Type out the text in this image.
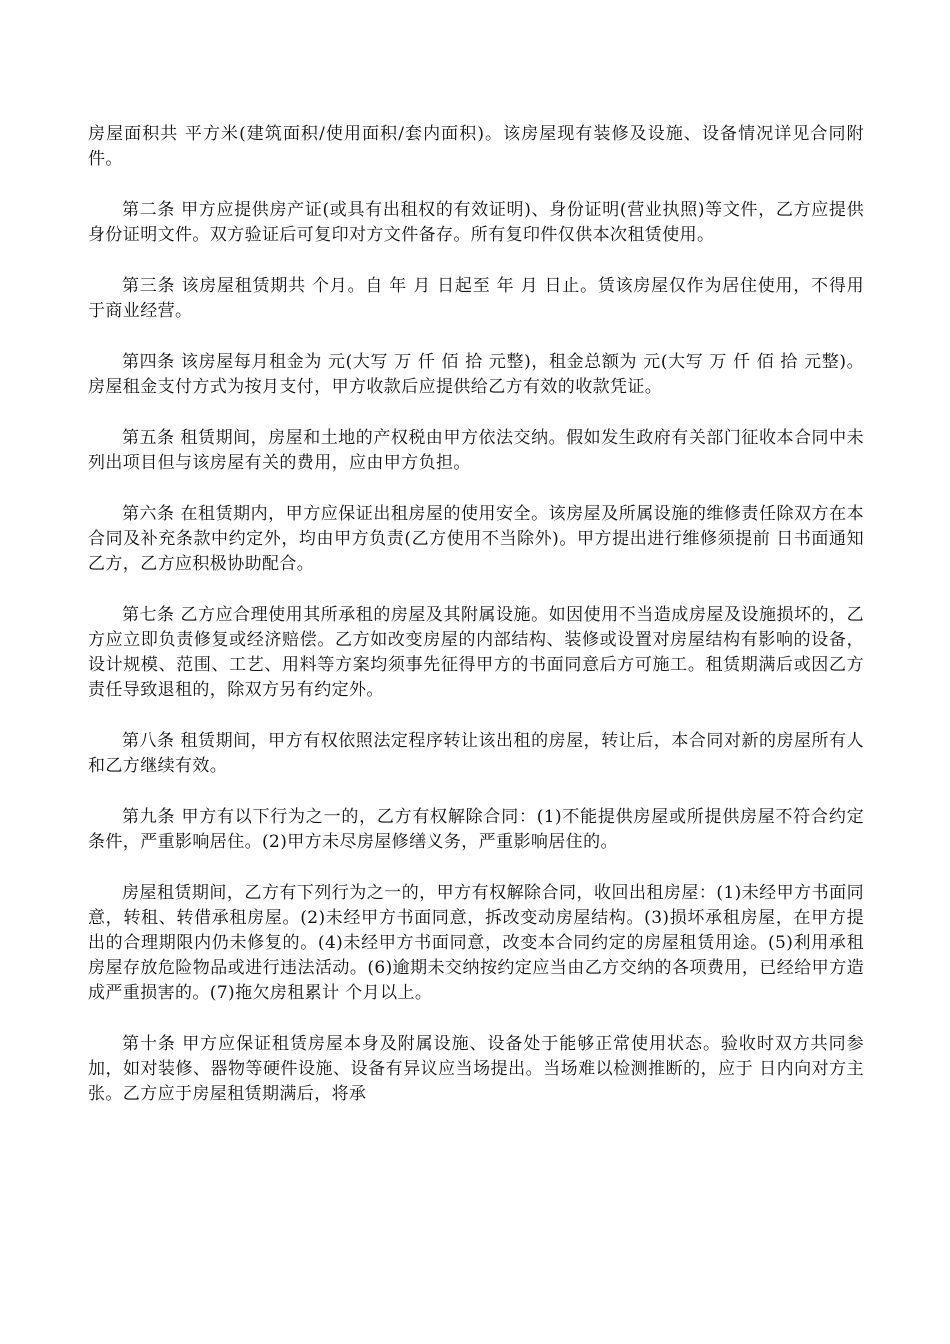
房屋面积共 平方米(建筑面积/使用面积/套内面积)。该房屋现有装修及设施、设备情况详见合同附件。

第二条 甲方应提供房产证(或具有出租权的有效证明)、身份证明(营业执照)等文件，乙方应提供身份证明文件。双方验证后可复印对方文件备存。所有复印件仅供本次租赁使用。

第三条 该房屋租赁期共 个月。自 年 月 日起至 年 月 日止。赁该房屋仅作为居住使用，不得用于商业经营。

第四条 该房屋每月租金为 元(大写 万 仟 佰 拾 元整)，租金总额为 元(大写 万 仟 佰 拾 元整)。 房屋租金支付方式为按月支付，甲方收款后应提供给乙方有效的收款凭证。

第五条 租赁期间，房屋和土地的产权税由甲方依法交纳。假如发生政府有关部门征收本合同中未列出项目但与该房屋有关的费用，应由甲方负担。

第六条 在租赁期内，甲方应保证出租房屋的使用安全。该房屋及所属设施的维修责任除双方在本合同及补充条款中约定外，均由甲方负责(乙方使用不当除外)。甲方提出进行维修须提前 日书面通知乙方，乙方应积极协助配合。

第七条 乙方应合理使用其所承租的房屋及其附属设施。如因使用不当造成房屋及设施损坏的，乙方应立即负责修复或经济赔偿。乙方如改变房屋的内部结构、装修或设置对房屋结构有影响的设备，设计规模、范围、工艺、用料等方案均须事先征得甲方的书面同意后方可施工。租赁期满后或因乙方责任导致退租的，除双方另有约定外。

第八条 租赁期间，甲方有权依照法定程序转让该出租的房屋，转让后，本合同对新的房屋所有人和乙方继续有效。

第九条 甲方有以下行为之一的，乙方有权解除合同：(1)不能提供房屋或所提供房屋不符合约定条件，严重影响居住。(2)甲方未尽房屋修缮义务，严重影响居住的。

房屋租赁期间，乙方有下列行为之一的，甲方有权解除合同，收回出租房屋：(1)未经甲方书面同意，转租、转借承租房屋。(2)未经甲方书面同意，拆改变动房屋结构。(3)损坏承租房屋，在甲方提出的合理期限内仍未修复的。(4)未经甲方书面同意，改变本合同约定的房屋租赁用途。(5)利用承租房屋存放危险物品或进行违法活动。(6)逾期未交纳按约定应当由乙方交纳的各项费用，已经给甲方造成严重损害的。(7)拖欠房租累计 个月以上。

第十条 甲方应保证租赁房屋本身及附属设施、设备处于能够正常使用状态。验收时双方共同参加，如对装修、器物等硬件设施、设备有异议应当场提出。当场难以检测推断的，应于 日内向对方主张。乙方应于房屋租赁期满后，将承
